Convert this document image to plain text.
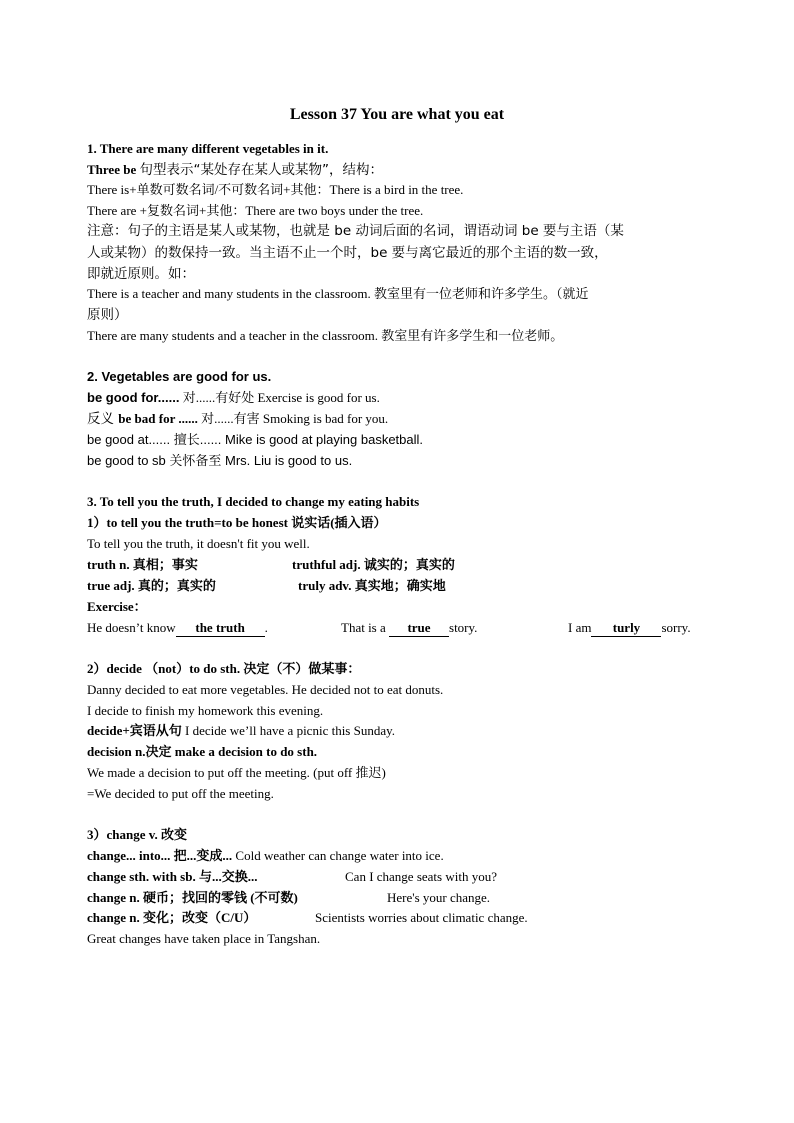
Lesson 37 You are what you eat
1. There are many different vegetables in it.
Three be 句型表示“某处存在某人或某物”，结构：
There is+单数可数名词/不可数名词+其他：There is a bird in the tree.
There are +复数名词+其他：There are two boys under the tree.
注意：句子的主语是某人或某物，也就是 be 动词后面的名词，谓语动词 be 要与主语（某
人或某物）的数保持一致。当主语不止一个时，be 要与离它最近的那个主语的数一致，
即就近原则。如：
There is a teacher and many students in the classroom. 教室里有一位老师和许多学生。（就近
原则）
There are many students and a teacher in the classroom. 教室里有许多学生和一位老师。
2. Vegetables are good for us.
be good for...... 对......有好处 Exercise is good for us.
反义 be bad for ...... 对......有害 Smoking is bad for you.
be good at...... 擅长...... Mike is good at playing basketball.
be good to sb 关怀备至 Mrs. Liu is good to us.
3. To tell you the truth, I decided to change my eating habits
1）to tell you the truth=to be honest 说实话(插入语）
To tell you the truth, it doesn't fit you well.
truth n. 真相；事实	truthful adj. 诚实的；真实的
true adj. 真的；真实的	truly adv. 真实地；确实地
Exercise：
He doesn’t know the truth .	That is a true story.	I am turly sorry.
2）decide （not）to do sth. 决定（不）做某事：
Danny decided to eat more vegetables. He decided not to eat donuts.
I decide to finish my homework this evening.
decide+宾语从句 I decide we’ll have a picnic this Sunday.
decision n.决定 make a decision to do sth.
We made a decision to put off the meeting. (put off 推迟)
=We decided to put off the meeting.
3）change v. 改变
change... into... 把...变成... Cold weather can change water into ice.
change sth. with sb. 与...交换...	Can I change seats with you?
change n. 硬币；找回的零钱 (不可数)	Here's your change.
change n. 变化；改变（C/U）	Scientists worries about climatic change.
Great changes have taken place in Tangshan.
